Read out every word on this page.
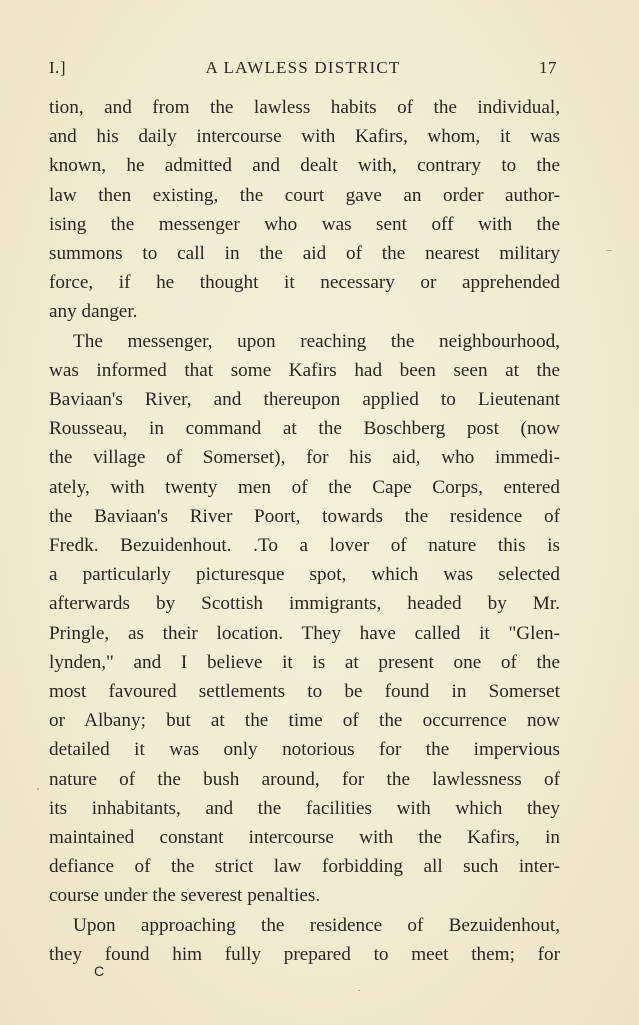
I.]	A LAWLESS DISTRICT	17

tion, and from the lawless habits of the individual,

and his daily intercourse with Kafirs, whom, it was

known, he admitted and dealt with, contrary to the

law then existing, the court gave an order author-

ising the messenger who was sent off with the

summons to call in the aid of the nearest military

force, if he thought it necessary or apprehended

any danger.

The messenger, upon reaching the neighbourhood,

was informed that some Kafirs had been seen at the

Baviaan's River, and thereupon applied to Lieutenant

Rousseau, in command at the Boschberg post (now

the village of Somerset), for his aid, who immedi-

ately, with twenty men of the Cape Corps, entered

the Baviaan's River Poort, towards the residence of

Fredk. Bezuidenhout. .To a lover of nature this is

a particularly picturesque spot, which was selected

afterwards by Scottish immigrants, headed by Mr.

Pringle, as their location. They have called it "Glen-

lynden," and I believe it is at present one of the

most favoured settlements to be found in Somerset

or Albany; but at the time of the occurrence now

detailed it was only notorious for the impervious

nature of the bush around, for the lawlessness of

its inhabitants, and the facilities with which they

maintained constant intercourse with the Kafirs, in

defiance of the strict law forbidding all such inter-

course under the severest penalties.

Upon approaching the residence of Bezuidenhout,

they found him fully prepared to meet them; for

C
